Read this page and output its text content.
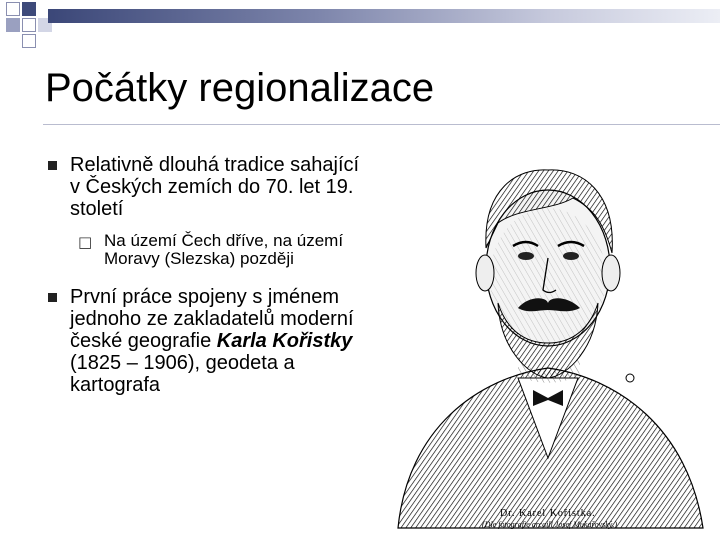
Počátky regionalizace
Relativně dlouhá tradice sahající v Českých zemích do 70. let 19. století
□ Na území Čech dříve, na území
Moravy (Slezska) později
První práce spojeny s jménem jednoho ze zakladatelů moderní české geografie Karla Kořistky (1825 – 1906), geodeta a kartografa
Dr. Karel Kořistka.
(Dle fotografie arcaill Josef Mukařovský.)
